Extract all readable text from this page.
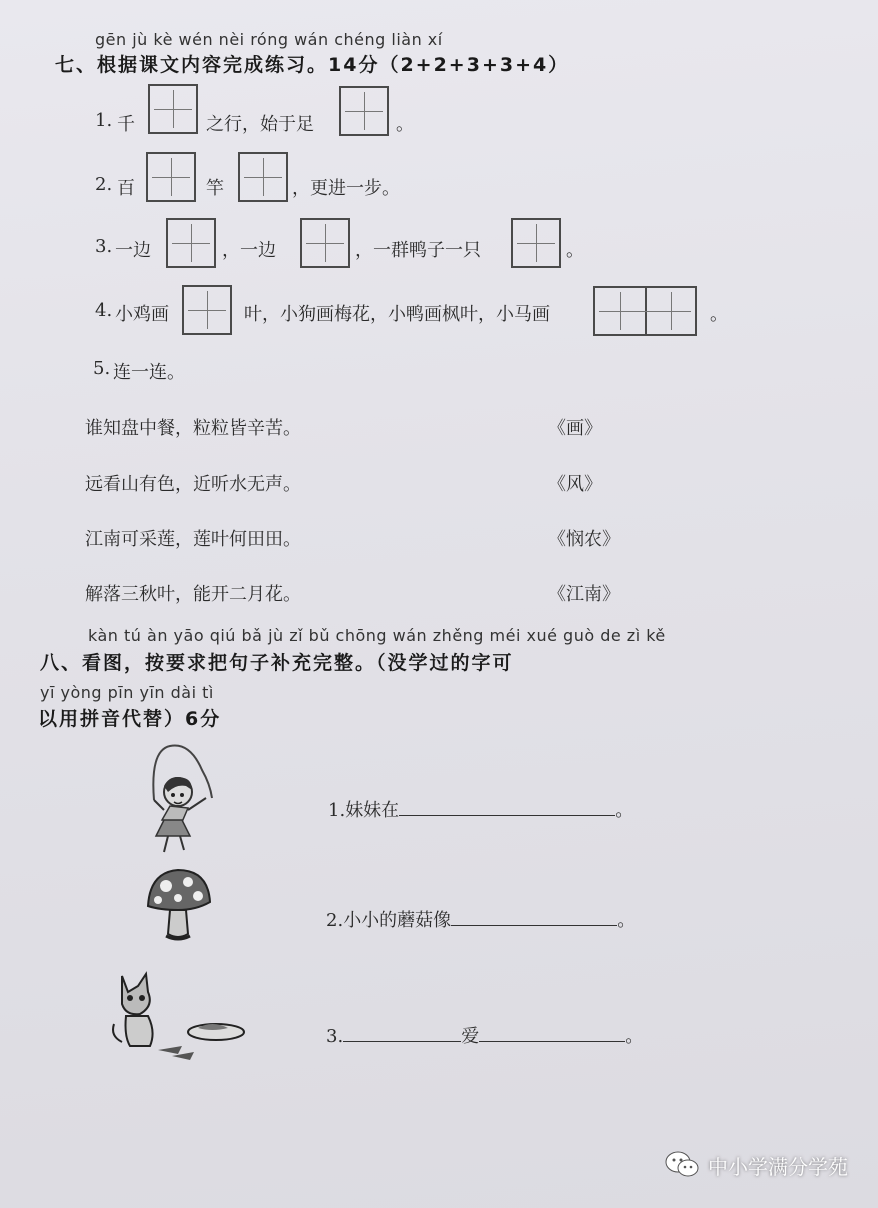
gēn jù kè wén nèi róng wán chéng liàn xí
七、根据课文内容完成练习。14分（2+2+3+3+4）
1. 千	之行，始于足	。
2. 百	竿	，更进一步。
3. 一边	，一边	，一群鸭子一只	。
4. 小鸡画	叶，小狗画梅花，小鸭画枫叶，小马画	。
5. 连一连。
谁知盘中餐，粒粒皆辛苦。
远看山有色，近听水无声。
江南可采莲，莲叶何田田。
解落三秋叶，能开二月花。
《画》
《风》
《悯农》
《江南》
kàn tú àn yāo qiú bǎ jù zǐ bǔ chōng wán zhěng méi xué guò de zì kě
八、看图，按要求把句子补充完整。（没学过的字可
yī yòng pīn yīn dài tì
以用拼音代替）6分
1.妹妹在	。
2.小小的蘑菇像	。
3.	爱	。
中小学满分学苑
